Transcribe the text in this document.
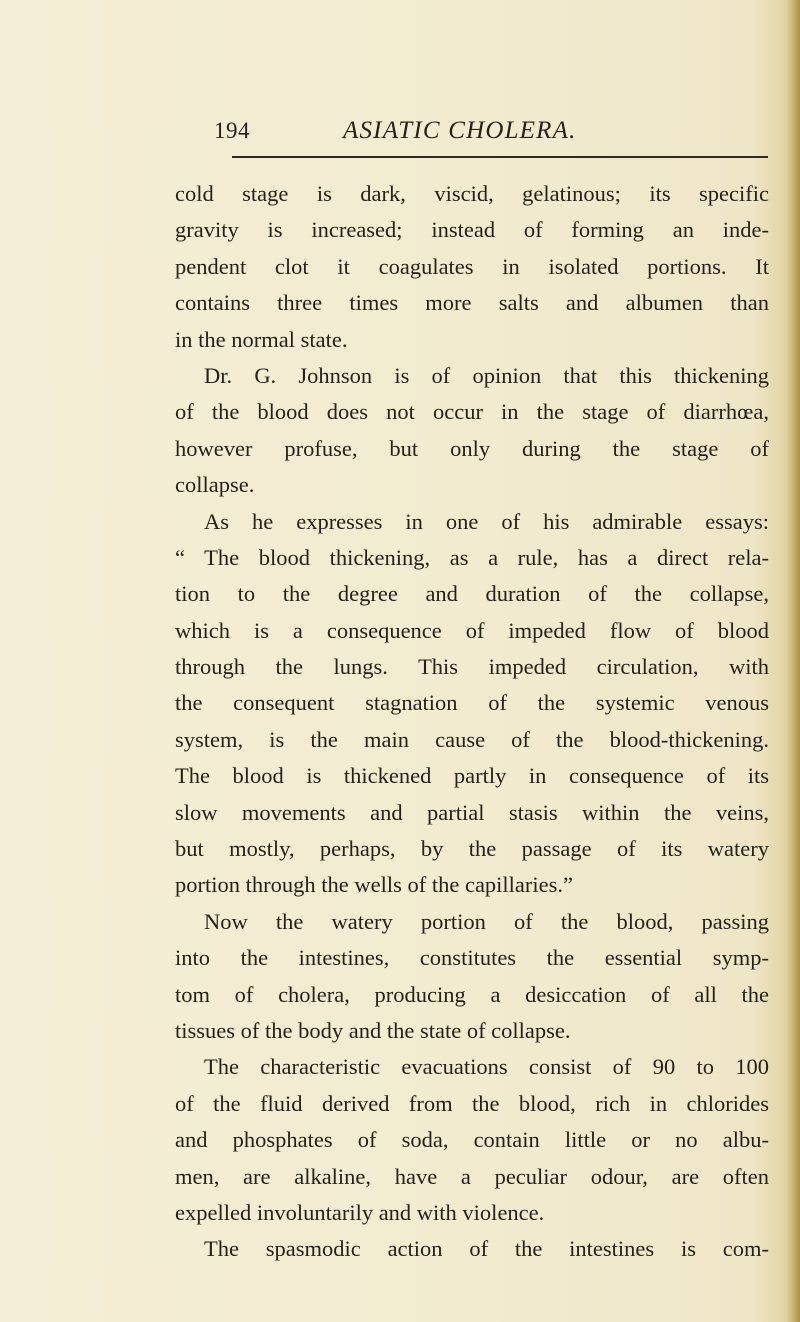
194	ASIATIC CHOLERA.
cold stage is dark, viscid, gelatinous; its specific
gravity is increased; instead of forming an inde-
pendent clot it coagulates in isolated portions. It
contains three times more salts and albumen than
in the normal state.
Dr. G. Johnson is of opinion that this thickening
of the blood does not occur in the stage of diarrhœa,
however profuse, but only during the stage of
collapse.
As he expresses in one of his admirable essays:
“ The blood thickening, as a rule, has a direct rela-
tion to the degree and duration of the collapse,
which is a consequence of impeded flow of blood
through the lungs. This impeded circulation, with
the consequent stagnation of the systemic venous
system, is the main cause of the blood-thickening.
The blood is thickened partly in consequence of its
slow movements and partial stasis within the veins,
but mostly, perhaps, by the passage of its watery
portion through the wells of the capillaries.”
Now the watery portion of the blood, passing
into the intestines, constitutes the essential symp-
tom of cholera, producing a desiccation of all the
tissues of the body and the state of collapse.
The characteristic evacuations consist of 90 to 100
of the fluid derived from the blood, rich in chlorides
and phosphates of soda, contain little or no albu-
men, are alkaline, have a peculiar odour, are often
expelled involuntarily and with violence.
The spasmodic action of the intestines is com-
